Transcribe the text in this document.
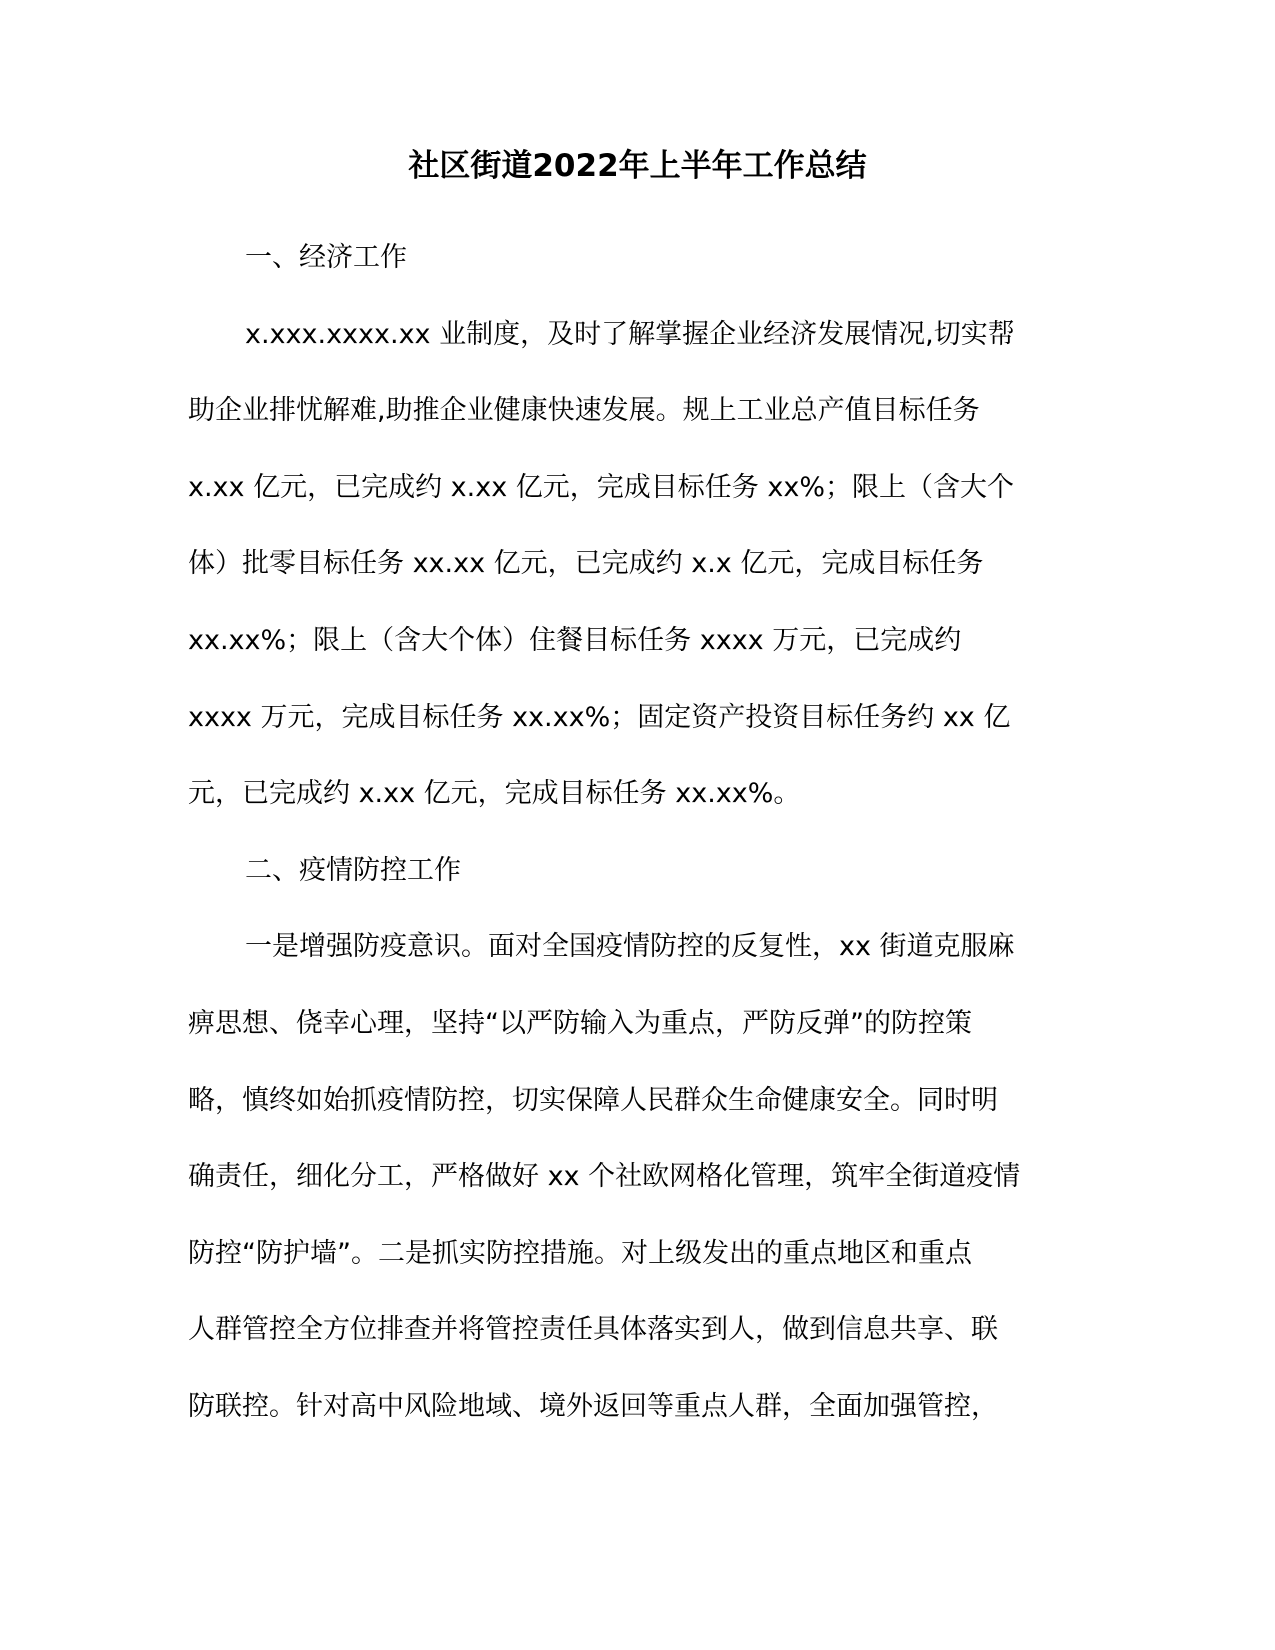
社区街道2022年上半年工作总结
一、经济工作
x.xxx.xxxx.xx 业制度，及时了解掌握企业经济发展情况,切实帮
助企业排忧解难,助推企业健康快速发展。规上工业总产值目标任务
x.xx 亿元，已完成约 x.xx 亿元，完成目标任务 xx%；限上（含大个
体）批零目标任务 xx.xx 亿元，已完成约 x.x 亿元，完成目标任务
xx.xx%；限上（含大个体）住餐目标任务 xxxx 万元，已完成约
xxxx 万元，完成目标任务 xx.xx%；固定资产投资目标任务约 xx 亿
元，已完成约 x.xx 亿元，完成目标任务 xx.xx%。
二、疫情防控工作
一是增强防疫意识。面对全国疫情防控的反复性，xx 街道克服麻
痹思想、侥幸心理，坚持“以严防输入为重点，严防反弹”的防控策
略，慎终如始抓疫情防控，切实保障人民群众生命健康安全。同时明
确责任，细化分工，严格做好 xx 个社欧网格化管理，筑牢全街道疫情
防控“防护墙”。二是抓实防控措施。对上级发出的重点地区和重点
人群管控全方位排查并将管控责任具体落实到人，做到信息共享、联
防联控。针对高中风险地域、境外返回等重点人群，全面加强管控，
